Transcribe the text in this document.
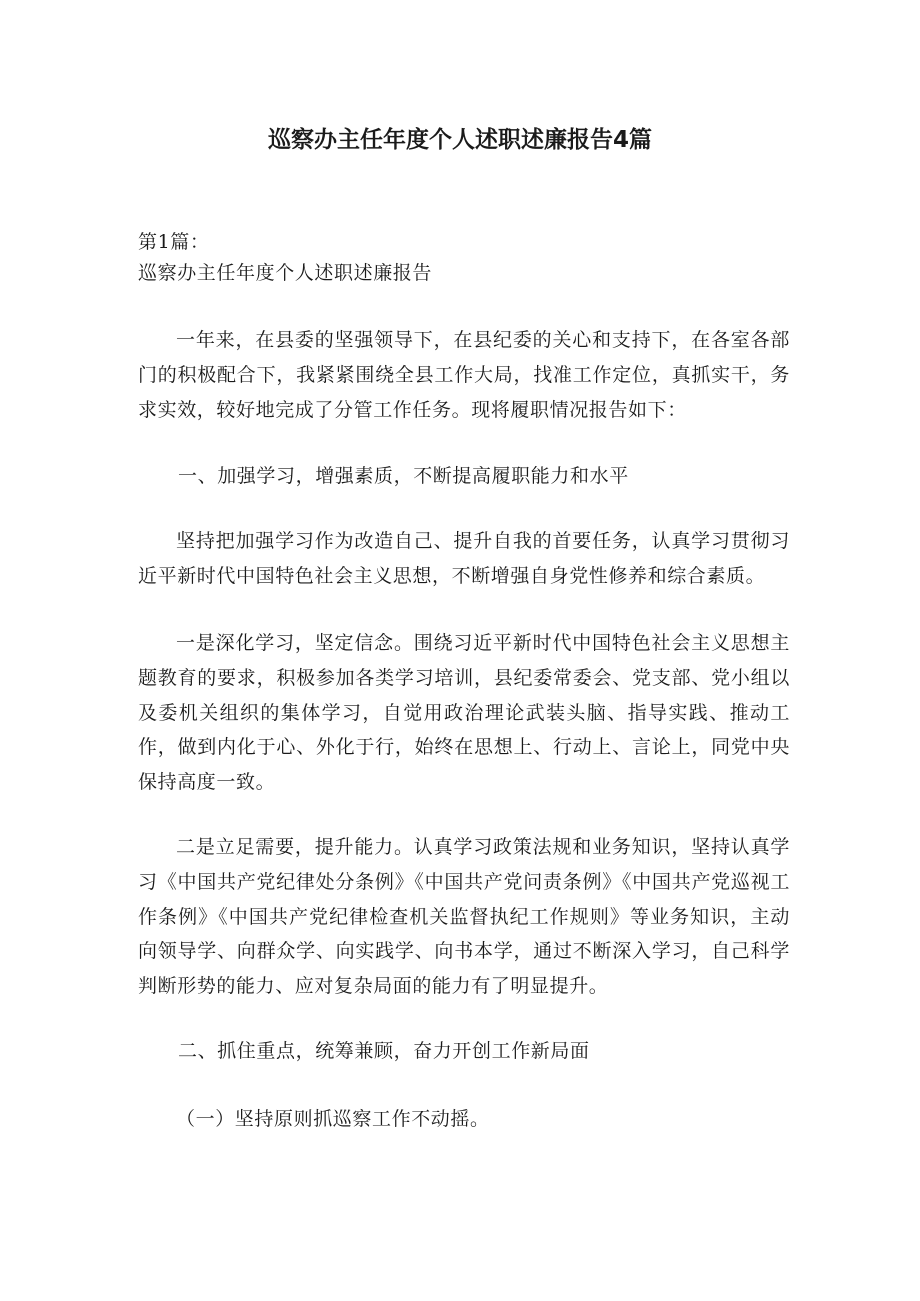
巡察办主任年度个人述职述廉报告4篇
第1篇：
巡察办主任年度个人述职述廉报告
一年来，在县委的坚强领导下，在县纪委的关心和支持下，在各室各部门的积极配合下，我紧紧围绕全县工作大局，找准工作定位，真抓实干，务求实效，较好地完成了分管工作任务。现将履职情况报告如下：
一、加强学习，增强素质，不断提高履职能力和水平
坚持把加强学习作为改造自己、提升自我的首要任务，认真学习贯彻习近平新时代中国特色社会主义思想，不断增强自身党性修养和综合素质。
一是深化学习，坚定信念。围绕习近平新时代中国特色社会主义思想主题教育的要求，积极参加各类学习培训，县纪委常委会、党支部、党小组以及委机关组织的集体学习，自觉用政治理论武装头脑、指导实践、推动工作，做到内化于心、外化于行，始终在思想上、行动上、言论上，同党中央保持高度一致。
二是立足需要，提升能力。认真学习政策法规和业务知识，坚持认真学习《中国共产党纪律处分条例》《中国共产党问责条例》《中国共产党巡视工作条例》《中国共产党纪律检查机关监督执纪工作规则》等业务知识，主动向领导学、向群众学、向实践学、向书本学，通过不断深入学习，自己科学判断形势的能力、应对复杂局面的能力有了明显提升。
二、抓住重点，统筹兼顾，奋力开创工作新局面
（一）坚持原则抓巡察工作不动摇。
